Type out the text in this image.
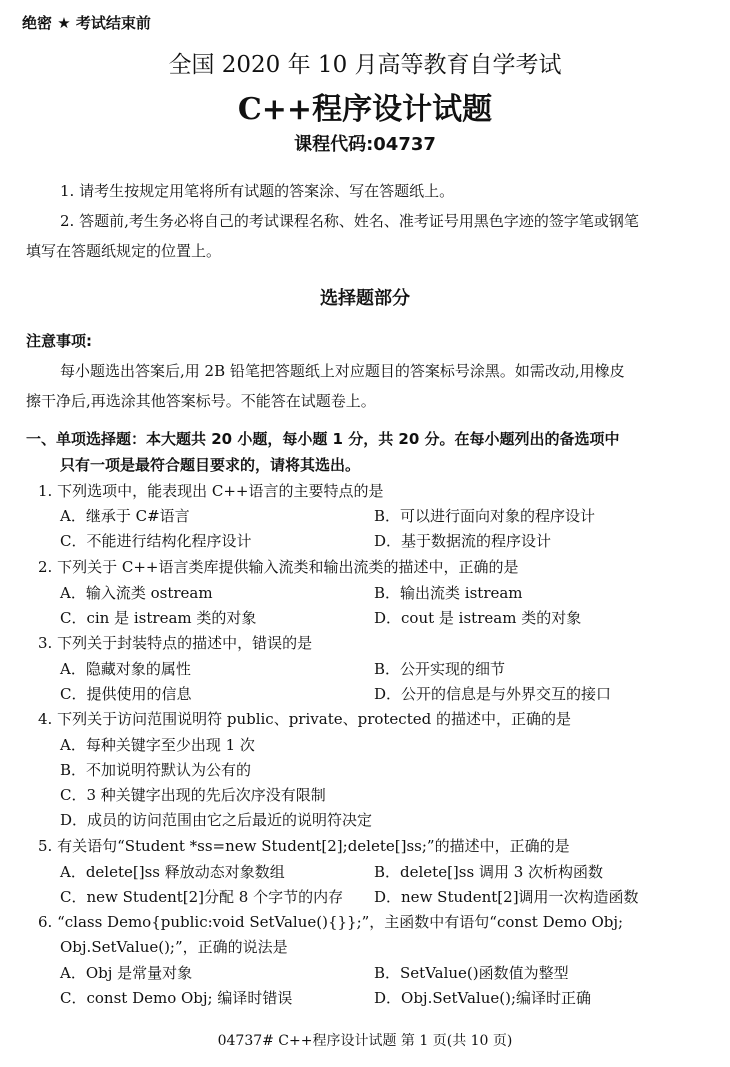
绝密 ★ 考试结束前
全国 2020 年 10 月高等教育自学考试
C++程序设计试题
课程代码:04737
1. 请考生按规定用笔将所有试题的答案涂、写在答题纸上。
2. 答题前,考生务必将自己的考试课程名称、姓名、准考证号用黑色字迹的签字笔或钢笔
填写在答题纸规定的位置上。
选择题部分
注意事项:
每小题选出答案后,用 2B 铅笔把答题纸上对应题目的答案标号涂黑。如需改动,用橡皮
擦干净后,再选涂其他答案标号。不能答在试题卷上。
一、单项选择题：本大题共 20 小题，每小题 1 分，共 20 分。在每小题列出的备选项中
只有一项是最符合题目要求的，请将其选出。
1. 下列选项中，能表现出 C++语言的主要特点的是
A．继承于 C#语言	B．可以进行面向对象的程序设计
C．不能进行结构化程序设计	D．基于数据流的程序设计
2. 下列关于 C++语言类库提供输入流类和输出流类的描述中，正确的是
A．输入流类 ostream	B．输出流类 istream
C．cin 是 istream 类的对象	D．cout 是 istream 类的对象
3. 下列关于封装特点的描述中，错误的是
A．隐藏对象的属性	B．公开实现的细节
C．提供使用的信息	D．公开的信息是与外界交互的接口
4. 下列关于访问范围说明符 public、private、protected 的描述中，正确的是
A．每种关键字至少出现 1 次
B．不加说明符默认为公有的
C．3 种关键字出现的先后次序没有限制
D．成员的访问范围由它之后最近的说明符决定
5. 有关语句“Student *ss=new Student[2];delete[]ss;”的描述中，正确的是
A．delete[]ss 释放动态对象数组	B．delete[]ss 调用 3 次析构函数
C．new Student[2]分配 8 个字节的内存 D．new Student[2]调用一次构造函数
6. “class Demo{public:void SetValue(){}};”，主函数中有语句“const Demo Obj;
Obj.SetValue();”，正确的说法是
A．Obj 是常量对象	B．SetValue()函数值为整型
C．const Demo Obj; 编译时错误	D．Obj.SetValue();编译时正确
04737# C++程序设计试题 第 1 页(共 10 页)
